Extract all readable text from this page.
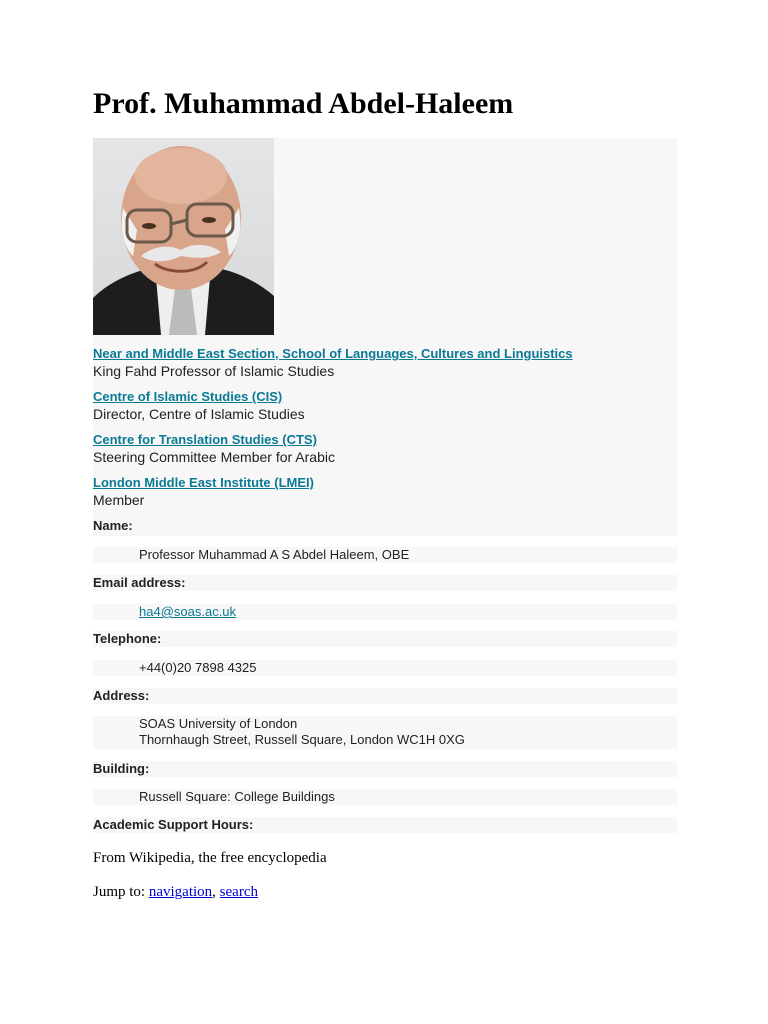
Prof. Muhammad Abdel-Haleem
Near and Middle East Section, School of Languages, Cultures and Linguistics
King Fahd Professor of Islamic Studies
Centre of Islamic Studies (CIS)
Director, Centre of Islamic Studies
Centre for Translation Studies (CTS)
Steering Committee Member for Arabic
London Middle East Institute (LMEI)
Member
Name:
Professor Muhammad A S Abdel Haleem, OBE
Email address:
ha4@soas.ac.uk
Telephone:
+44(0)20 7898 4325
Address:
SOAS University of London
Thornhaugh Street, Russell Square, London WC1H 0XG
Building:
Russell Square: College Buildings
Academic Support Hours:
From Wikipedia, the free encyclopedia
Jump to: navigation, search
